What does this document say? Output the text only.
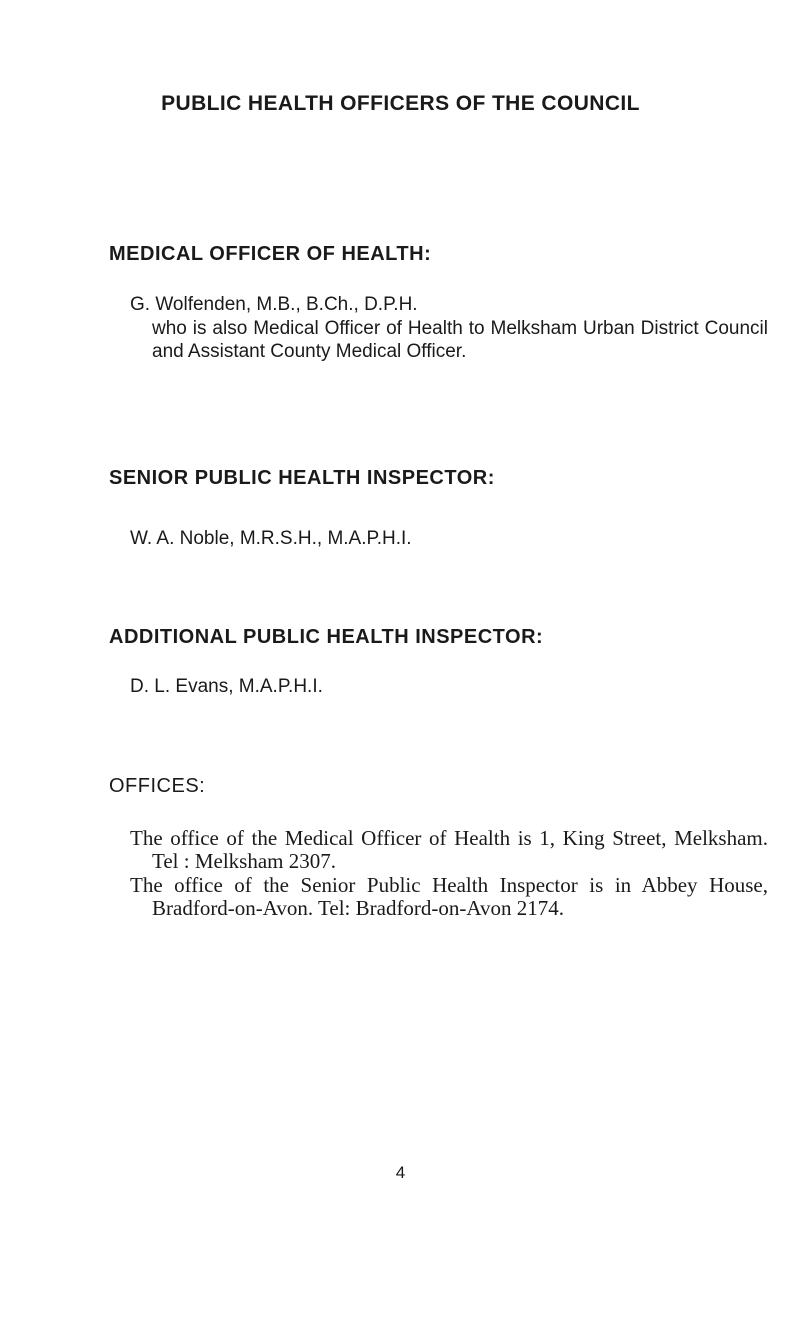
PUBLIC HEALTH OFFICERS OF THE COUNCIL
MEDICAL OFFICER OF HEALTH:

G. Wolfenden, M.B., B.Ch., D.P.H.

who is also Medical Officer of Health to Melksham Urban District Council and Assistant County Medical Officer.

SENIOR PUBLIC HEALTH INSPECTOR:

W. A. Noble, M.R.S.H., M.A.P.H.I.

ADDITIONAL PUBLIC HEALTH INSPECTOR:

D. L. Evans, M.A.P.H.I.

OFFICES:

The office of the Medical Officer of Health is 1, King Street, Melksham. Tel : Melksham 2307.

The office of the Senior Public Health Inspector is in Abbey House, Bradford-on-Avon. Tel: Bradford-on-Avon 2174.

4
